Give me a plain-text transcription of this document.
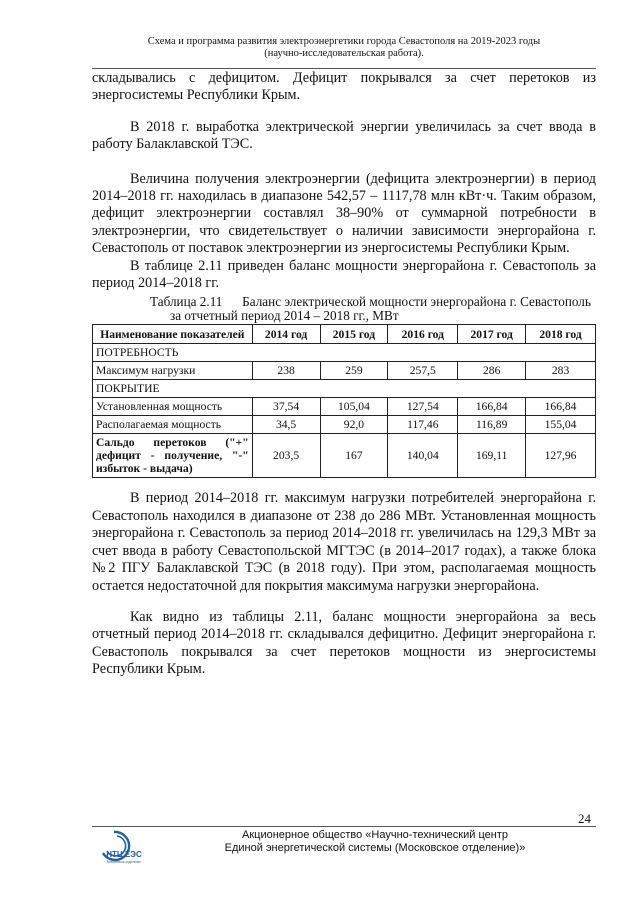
Схема и программа развития электроэнергетики города Севастополя на 2019-2023 годы
(научно-исследовательская работа).

складывались с дефицитом. Дефицит покрывался за счет перетоков из энергосистемы Республики Крым.

В 2018 г. выработка электрической энергии увеличилась за счет ввода в работу Балаклавской ТЭС.

Величина получения электроэнергии (дефицита электроэнергии) в период 2014–2018 гг. находилась в диапазоне 542,57 – 1117,78 млн кВт·ч. Таким образом, дефицит электроэнергии составлял 38–90% от суммарной потребности в электроэнергии, что свидетельствует о наличии зависимости энергорайона г. Севастополь от поставок электроэнергии из энергосистемы Республики Крым.

В таблице 2.11 приведен баланс мощности энергорайона г. Севастополь за период 2014–2018 гг.

Таблица 2.11      Баланс электрической мощности энергорайона г. Севастополь
за отчетный период 2014 – 2018 гг., МВт
Наименование показателей	2014 год	2015 год	2016 год	2017 год	2018 год
ПОТРЕБНОСТЬ					
Максимум нагрузки	238	259	257,5	286	283
ПОКРЫТИЕ					
Установленная мощность	37,54	105,04	127,54	166,84	166,84
Располагаемая мощность	34,5	92,0	117,46	116,89	155,04

Сальдо перетоков ("+"
дефицит - получение, "-"
избыток - выдача)	203,5	167	140,04	169,11	127,96

В период 2014–2018 гг. максимум нагрузки потребителей энергорайона г. Севастополь находился в диапазоне от 238 до 286 МВт. Установленная мощность энергорайона г. Севастополь за период 2014–2018 гг. увеличилась на 129,3 МВт за счет ввода в работу Севастопольской МГТЭС (в 2014–2017 годах), а также блока №2 ПГУ Балаклавской ТЭС (в 2018 году). При этом, располагаемая мощность остается недостаточной для покрытия максимума нагрузки энергорайона.

Как видно из таблицы 2.11, баланс мощности энергорайона за весь отчетный период 2014–2018 гг. складывался дефицитно. Дефицит энергорайона г. Севастополь покрывался за счет перетоков мощности из энергосистемы Республики Крым.

24
НТЦ ЕЭС
Московское отделение
Акционерное общество «Научно-технический центр
Единой энергетической системы (Московское отделение)»
